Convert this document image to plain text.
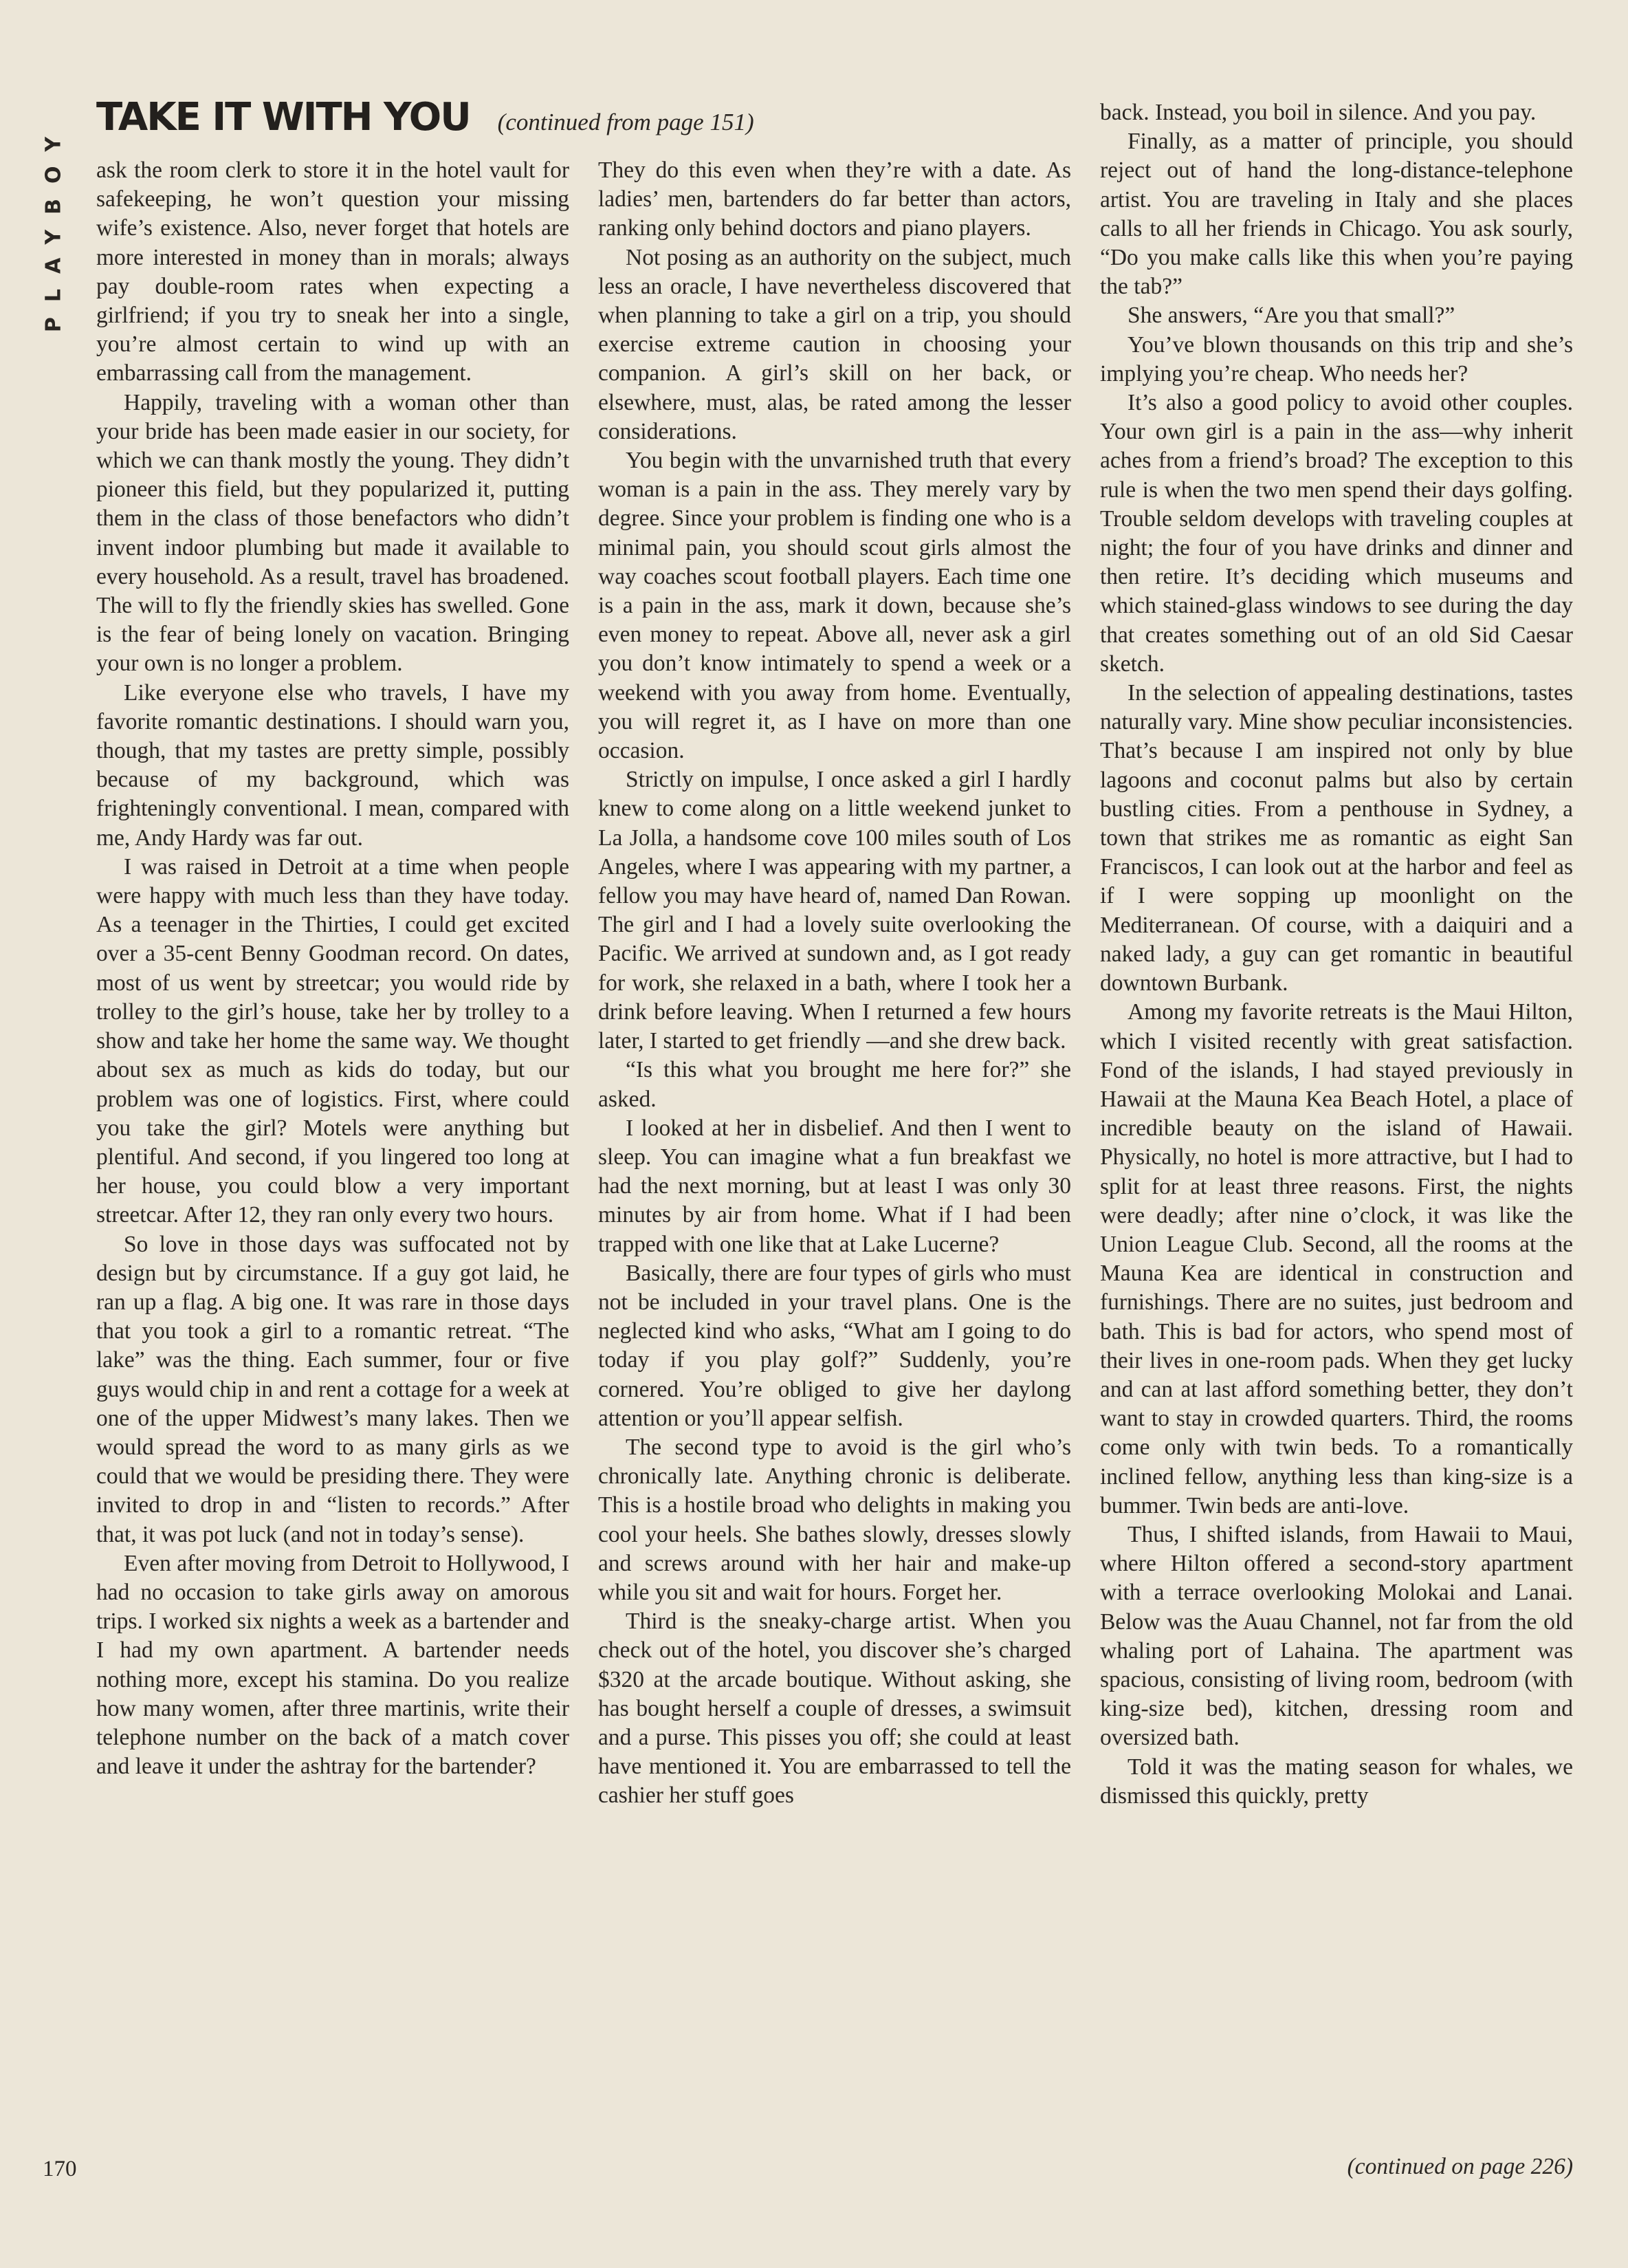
PLAYBOY
TAKE IT WITH YOU (continued from page 151)

ask the room clerk to store it in the hotel vault for safekeeping, he won’t question your missing wife’s existence. Also, never forget that hotels are more interested in money than in morals; always pay double-room rates when expecting a girlfriend; if you try to sneak her into a single, you’re almost certain to wind up with an embarrassing call from the management.

Happily, traveling with a woman other than your bride has been made easier in our society, for which we can thank mostly the young. They didn’t pioneer this field, but they popularized it, putting them in the class of those benefactors who didn’t invent indoor plumbing but made it available to every household. As a result, travel has broadened. The will to fly the friendly skies has swelled. Gone is the fear of being lonely on vacation. Bringing your own is no longer a problem.

Like everyone else who travels, I have my favorite romantic destinations. I should warn you, though, that my tastes are pretty simple, possibly because of my background, which was frighteningly conventional. I mean, compared with me, Andy Hardy was far out.

I was raised in Detroit at a time when people were happy with much less than they have today. As a teenager in the Thirties, I could get excited over a 35-cent Benny Goodman record. On dates, most of us went by streetcar; you would ride by trolley to the girl’s house, take her by trolley to a show and take her home the same way. We thought about sex as much as kids do today, but our problem was one of logistics. First, where could you take the girl? Motels were anything but plentiful. And second, if you lingered too long at her house, you could blow a very important streetcar. After 12, they ran only every two hours.

So love in those days was suffocated not by design but by circumstance. If a guy got laid, he ran up a flag. A big one. It was rare in those days that you took a girl to a romantic retreat. “The lake” was the thing. Each summer, four or five guys would chip in and rent a cottage for a week at one of the upper Midwest’s many lakes. Then we would spread the word to as many girls as we could that we would be presiding there. They were invited to drop in and “listen to records.” After that, it was pot luck (and not in today’s sense).

Even after moving from Detroit to Hollywood, I had no occasion to take girls away on amorous trips. I worked six nights a week as a bartender and I had my own apartment. A bartender needs nothing more, except his stamina. Do you realize how many women, after three martinis, write their telephone number on the back of a match cover and leave it under the ashtray for the bartender?

They do this even when they’re with a date. As ladies’ men, bartenders do far better than actors, ranking only behind doctors and piano players.

Not posing as an authority on the subject, much less an oracle, I have nevertheless discovered that when planning to take a girl on a trip, you should exercise extreme caution in choosing your companion. A girl’s skill on her back, or elsewhere, must, alas, be rated among the lesser considerations.

You begin with the unvarnished truth that every woman is a pain in the ass. They merely vary by degree. Since your problem is finding one who is a minimal pain, you should scout girls almost the way coaches scout football players. Each time one is a pain in the ass, mark it down, because she’s even money to repeat. Above all, never ask a girl you don’t know intimately to spend a week or a weekend with you away from home. Eventually, you will regret it, as I have on more than one occasion.

Strictly on impulse, I once asked a girl I hardly knew to come along on a little weekend junket to La Jolla, a handsome cove 100 miles south of Los Angeles, where I was appearing with my partner, a fellow you may have heard of, named Dan Rowan. The girl and I had a lovely suite overlooking the Pacific. We arrived at sundown and, as I got ready for work, she relaxed in a bath, where I took her a drink before leaving. When I returned a few hours later, I started to get friendly —and she drew back.

“Is this what you brought me here for?” she asked.

I looked at her in disbelief. And then I went to sleep. You can imagine what a fun breakfast we had the next morning, but at least I was only 30 minutes by air from home. What if I had been trapped with one like that at Lake Lucerne?

Basically, there are four types of girls who must not be included in your travel plans. One is the neglected kind who asks, “What am I going to do today if you play golf?” Suddenly, you’re cornered. You’re obliged to give her daylong attention or you’ll appear selfish.

The second type to avoid is the girl who’s chronically late. Anything chronic is deliberate. This is a hostile broad who delights in making you cool your heels. She bathes slowly, dresses slowly and screws around with her hair and make-up while you sit and wait for hours. Forget her.

Third is the sneaky-charge artist. When you check out of the hotel, you discover she’s charged $320 at the arcade boutique. Without asking, she has bought herself a couple of dresses, a swimsuit and a purse. This pisses you off; she could at least have mentioned it. You are embarrassed to tell the cashier her stuff goes

back. Instead, you boil in silence. And you pay.

Finally, as a matter of principle, you should reject out of hand the long-distance-telephone artist. You are traveling in Italy and she places calls to all her friends in Chicago. You ask sourly, “Do you make calls like this when you’re paying the tab?”

She answers, “Are you that small?”

You’ve blown thousands on this trip and she’s implying you’re cheap. Who needs her?

It’s also a good policy to avoid other couples. Your own girl is a pain in the ass—why inherit aches from a friend’s broad? The exception to this rule is when the two men spend their days golfing. Trouble seldom develops with traveling couples at night; the four of you have drinks and dinner and then retire. It’s deciding which museums and which stained-glass windows to see during the day that creates something out of an old Sid Caesar sketch.

In the selection of appealing destinations, tastes naturally vary. Mine show peculiar inconsistencies. That’s because I am inspired not only by blue lagoons and coconut palms but also by certain bustling cities. From a penthouse in Sydney, a town that strikes me as romantic as eight San Franciscos, I can look out at the harbor and feel as if I were sopping up moonlight on the Mediterranean. Of course, with a daiquiri and a naked lady, a guy can get romantic in beautiful downtown Burbank.

Among my favorite retreats is the Maui Hilton, which I visited recently with great satisfaction. Fond of the islands, I had stayed previously in Hawaii at the Mauna Kea Beach Hotel, a place of incredible beauty on the island of Hawaii. Physically, no hotel is more attractive, but I had to split for at least three reasons. First, the nights were deadly; after nine o’clock, it was like the Union League Club. Second, all the rooms at the Mauna Kea are identical in construction and furnishings. There are no suites, just bedroom and bath. This is bad for actors, who spend most of their lives in one-room pads. When they get lucky and can at last afford something better, they don’t want to stay in crowded quarters. Third, the rooms come only with twin beds. To a romantically inclined fellow, anything less than king-size is a bummer. Twin beds are anti-love.

Thus, I shifted islands, from Hawaii to Maui, where Hilton offered a second-story apartment with a terrace overlooking Molokai and Lanai. Below was the Auau Channel, not far from the old whaling port of Lahaina. The apartment was spacious, consisting of living room, bedroom (with king-size bed), kitchen, dressing room and oversized bath.

Told it was the mating season for whales, we dismissed this quickly, pretty

(continued on page 226)
170
